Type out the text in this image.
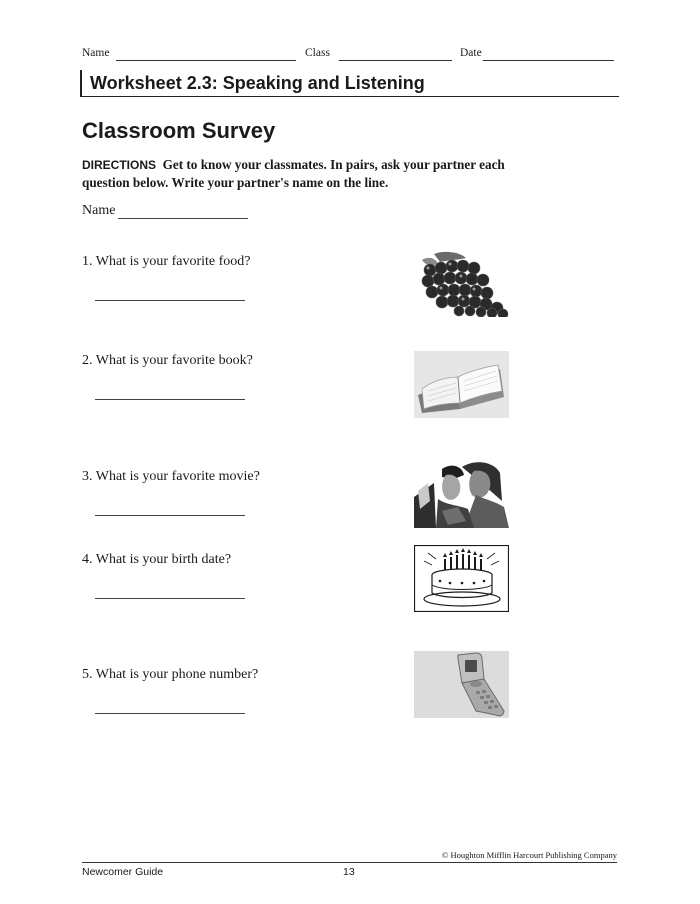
Name	Class	Date
Worksheet 2.3: Speaking and Listening
Classroom Survey
DIRECTIONS Get to know your classmates. In pairs, ask your partner each question below. Write your partner's name on the line.
Name
1. What is your favorite food?
2. What is your favorite book?
3. What is your favorite movie?
4. What is your birth date?
5. What is your phone number?
© Houghton Mifflin Harcourt Publishing Company
Newcomer Guide	13
